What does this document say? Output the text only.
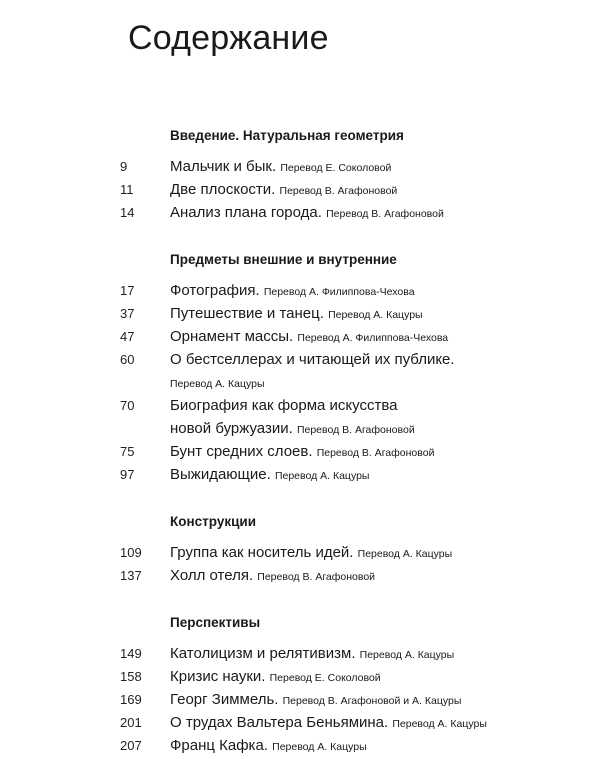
Содержание
Введение. Натуральная геометрия
9	Мальчик и бык. Перевод Е. Соколовой
11	Две плоскости. Перевод В. Агафоновой
14	Анализ плана города. Перевод В. Агафоновой
Предметы внешние и внутренние
17	Фотография. Перевод А. Филиппова-Чехова
37	Путешествие и танец. Перевод А. Кацуры
47	Орнамент массы. Перевод А. Филиппова-Чехова
60	О бестселлерах и читающей их публике.
Перевод А. Кацуры
70	Биография как форма искусства
новой буржуазии. Перевод В. Агафоновой
75	Бунт средних слоев. Перевод В. Агафоновой
97	Выжидающие. Перевод А. Кацуры
Конструкции
109	Группа как носитель идей. Перевод А. Кацуры
137	Холл отеля. Перевод В. Агафоновой
Перспективы
149	Католицизм и релятивизм. Перевод А. Кацуры
158	Кризис науки. Перевод Е. Соколовой
169	Георг Зиммель. Перевод В. Агафоновой и А. Кацуры
201	О трудах Вальтера Беньямина. Перевод А. Кацуры
207	Франц Кафка. Перевод А. Кацуры
